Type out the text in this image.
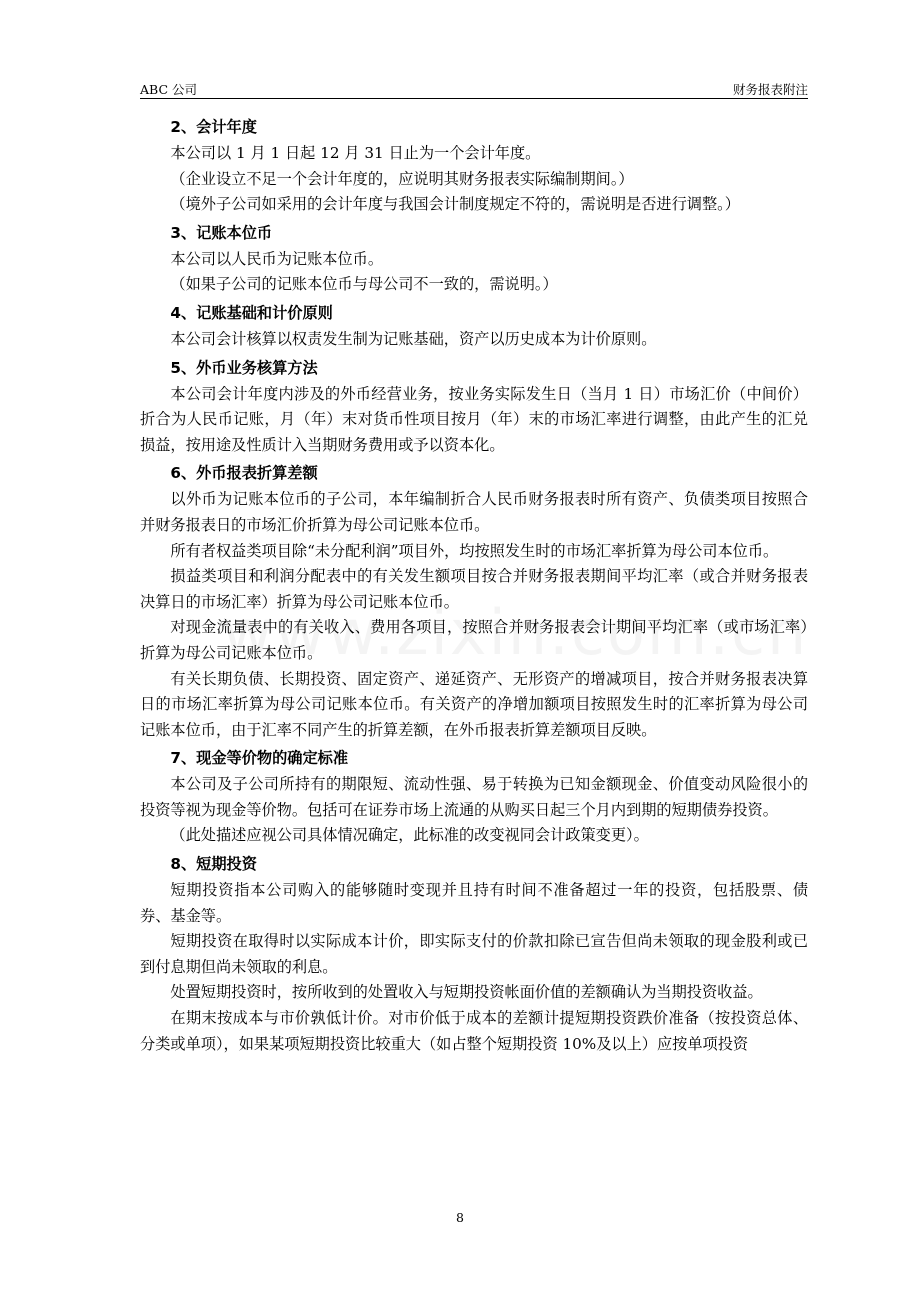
ABC 公司	财务报表附注
2、会计年度

本公司以 1 月 1 日起 12 月 31 日止为一个会计年度。

（企业设立不足一个会计年度的，应说明其财务报表实际编制期间。）

（境外子公司如采用的会计年度与我国会计制度规定不符的，需说明是否进行调整。）

3、记账本位币

本公司以人民币为记账本位币。

（如果子公司的记账本位币与母公司不一致的，需说明。）

4、记账基础和计价原则

本公司会计核算以权责发生制为记账基础，资产以历史成本为计价原则。

5、外币业务核算方法

本公司会计年度内涉及的外币经营业务，按业务实际发生日（当月 1 日）市场汇价（中间价）折合为人民币记账，月（年）末对货币性项目按月（年）末的市场汇率进行调整，由此产生的汇兑损益，按用途及性质计入当期财务费用或予以资本化。

6、外币报表折算差额

以外币为记账本位币的子公司，本年编制折合人民币财务报表时所有资产、负债类项目按照合并财务报表日的市场汇价折算为母公司记账本位币。

所有者权益类项目除“未分配利润”项目外，均按照发生时的市场汇率折算为母公司本位币。

损益类项目和利润分配表中的有关发生额项目按合并财务报表期间平均汇率（或合并财务报表决算日的市场汇率）折算为母公司记账本位币。

对现金流量表中的有关收入、费用各项目，按照合并财务报表会计期间平均汇率（或市场汇率）折算为母公司记账本位币。

有关长期负债、长期投资、固定资产、递延资产、无形资产的增减项目，按合并财务报表决算日的市场汇率折算为母公司记账本位币。有关资产的净增加额项目按照发生时的汇率折算为母公司记账本位币，由于汇率不同产生的折算差额，在外币报表折算差额项目反映。

7、现金等价物的确定标准

本公司及子公司所持有的期限短、流动性强、易于转换为已知金额现金、价值变动风险很小的投资等视为现金等价物。包括可在证券市场上流通的从购买日起三个月内到期的短期债券投资。

（此处描述应视公司具体情况确定，此标准的改变视同会计政策变更）。

8、短期投资

短期投资指本公司购入的能够随时变现并且持有时间不准备超过一年的投资，包括股票、债券、基金等。

短期投资在取得时以实际成本计价，即实际支付的价款扣除已宣告但尚未领取的现金股利或已到付息期但尚未领取的利息。

处置短期投资时，按所收到的处置收入与短期投资帐面价值的差额确认为当期投资收益。

在期末按成本与市价孰低计价。对市价低于成本的差额计提短期投资跌价准备（按投资总体、分类或单项），如果某项短期投资比较重大（如占整个短期投资 10%及以上）应按单项投资

8
